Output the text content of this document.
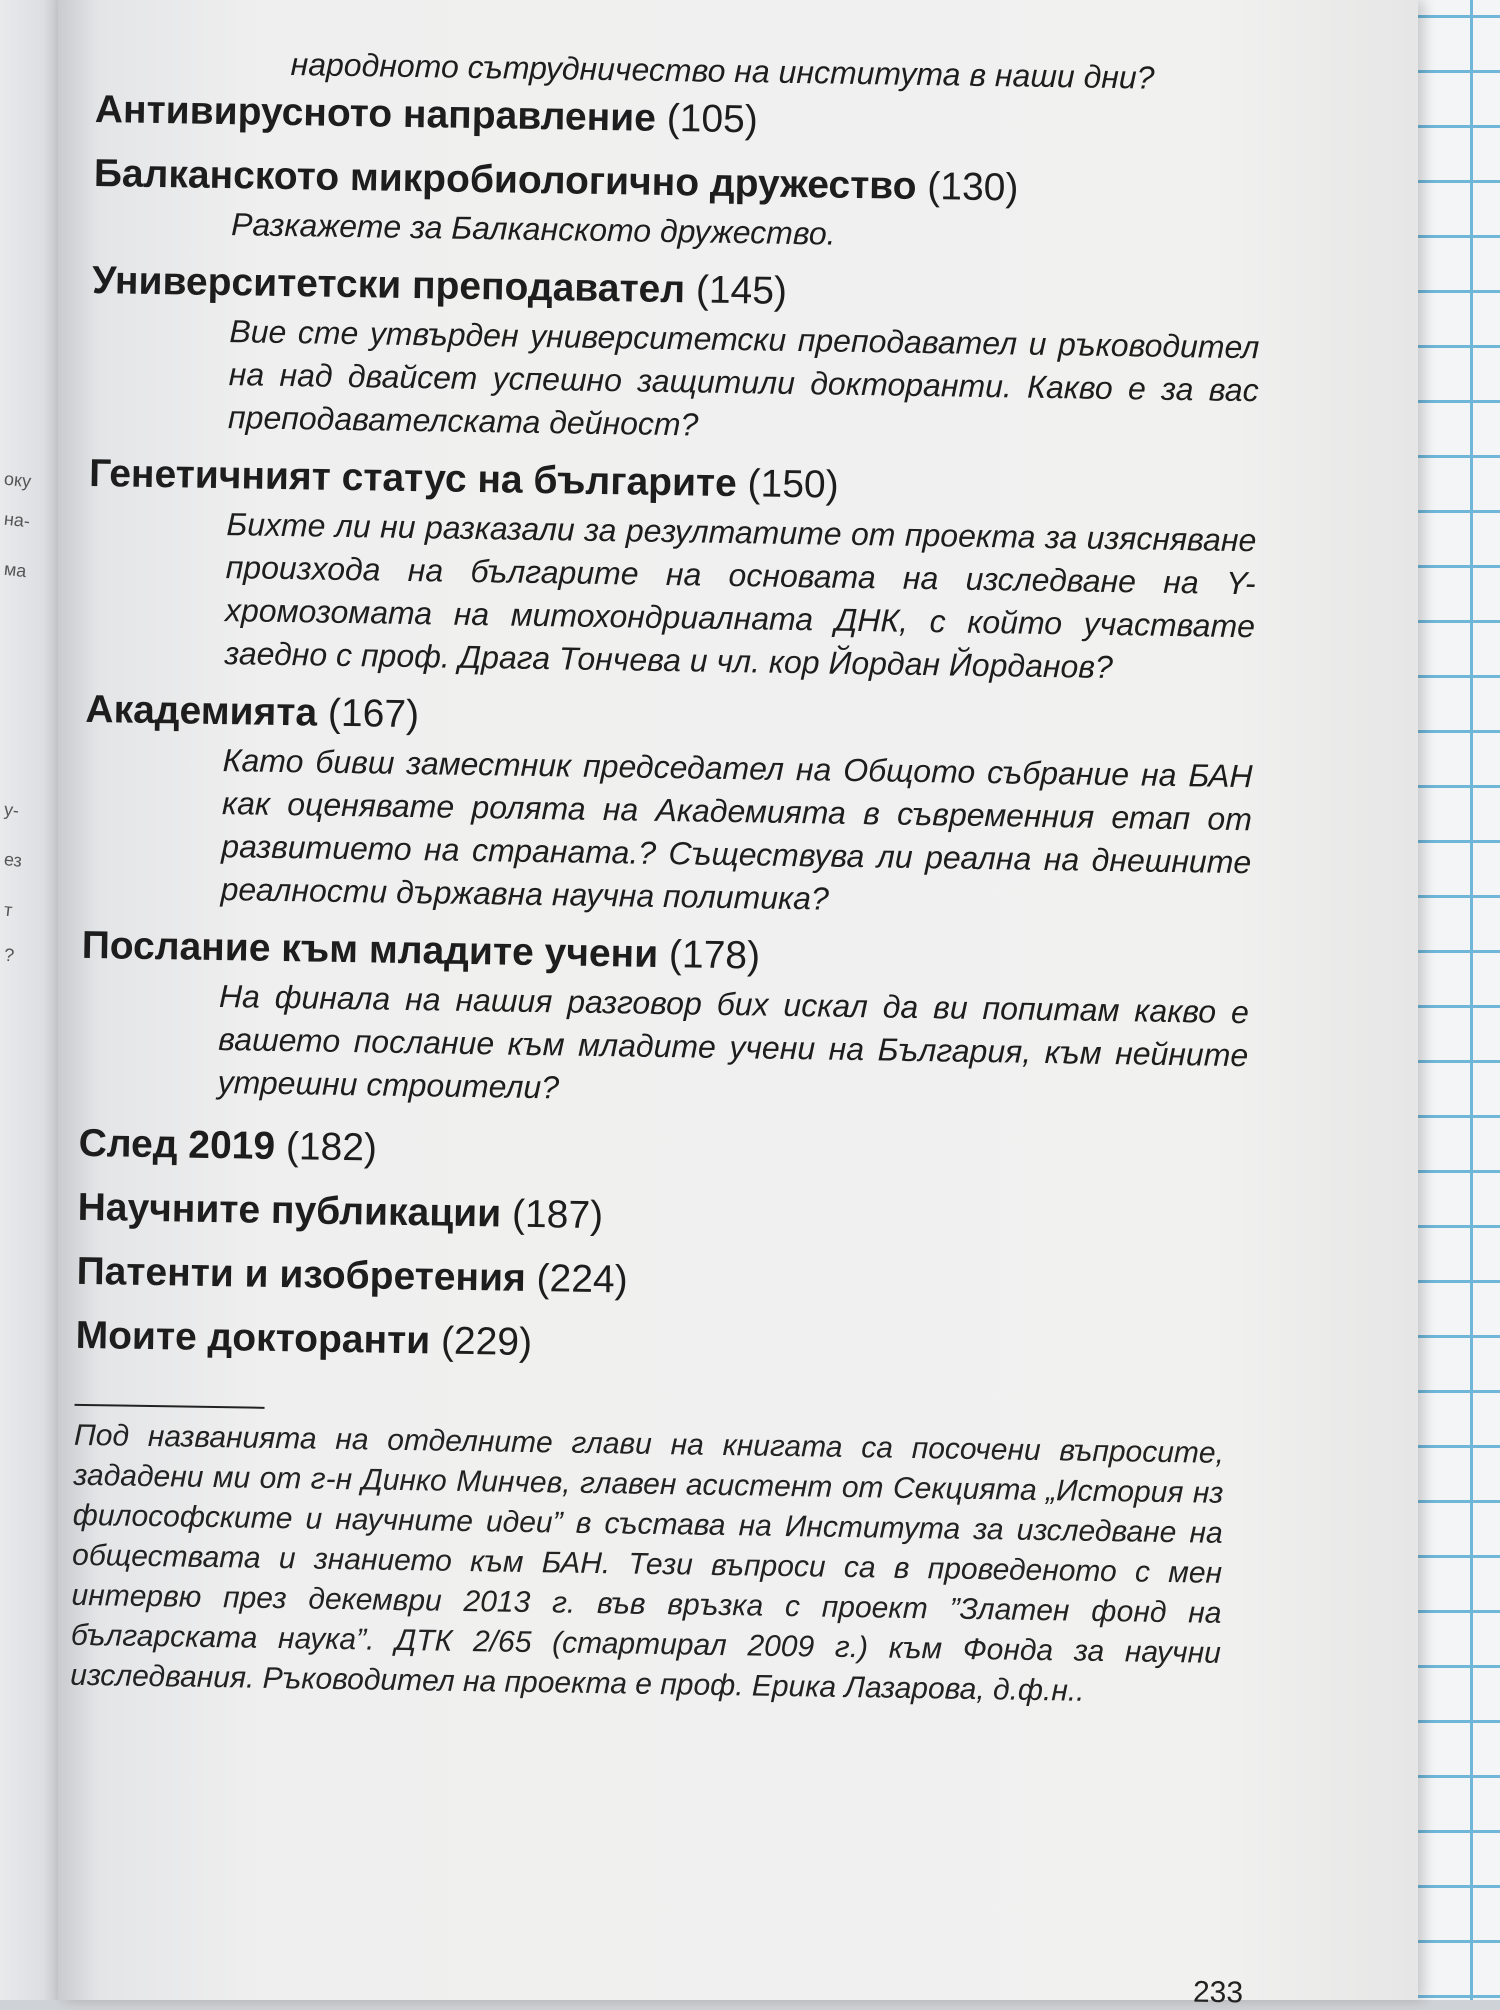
оку
на-
ма
у-
ез
т
?
народното сътрудничество на института в наши дни?
Антивирусното направление (105)
Балканското микробиологично дружество (130)
Разкажете за Балканското дружество.
Университетски преподавател (145)
Вие сте утвърден университетски преподавател и ръководител на над двайсет успешно защитили докторанти. Какво е за вас преподавателската дейност?
Генетичният статус на българите (150)
Бихте ли ни разказали за резултатите от проекта за изясняване произхода на българите на основата на изследване на Y- хромозомата на митохондриалната ДНК, с който участвате заедно с проф. Драга Тончева и чл. кор Йордан Йорданов?
Академията (167)
Като бивш заместник председател на Общото събрание на БАН как оценявате ролята на Академията в съвременния етап от развитието на страната.? Съществува ли реална на днешните реалности държавна научна политика?
Послание към младите учени (178)
На финала на нашия разговор бих искал да ви попитам какво е вашето послание към младите учени на България, към нейните утрешни строители?
След 2019 (182)
Научните публикации (187)
Патенти и изобретения (224)
Моите докторанти (229)
Под названията на отделните глави на книгата са посочени въпросите, зададени ми от г-н Динко Минчев, главен асистент от Секцията „История нз философските и научните идеи” в състава на Института за изследване на обществата и знанието към БАН. Тези въпроси са в проведеното с мен интервю през декември 2013 г. във връзка с проект ”Златен фонд на българската наука”. ДТК 2/65 (стартирал 2009 г.) към Фонда за научни изследвания. Ръководител на проекта е проф. Ерика Лазарова, д.ф.н..
233
